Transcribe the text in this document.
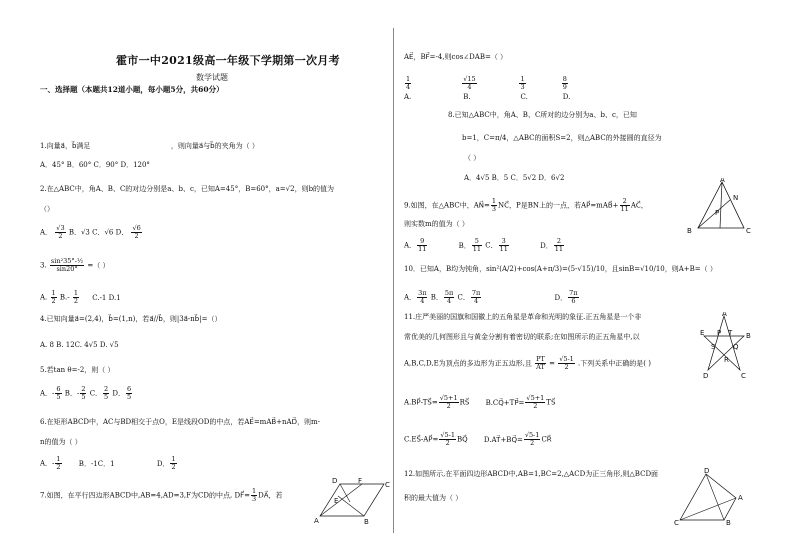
霍市一中2021级高一年级下学期第一次月考
数学试题
一、选择题（本题共12道小题，每小题5分，共60分）
1.向量a⃗，b⃗满足	，则向量a⃗与b⃗的夹角为（ ）
A．45° B．60° C．90° D．120°
2.在△ABC中，角A、B、C的对边分别是a、b、c，已知A=45°，B=60°，a=√2，则b的值为
（）
A． $\frac{√3}{2}$ B．√3 C．√6 D． $\frac{√6}{2}$
3. $\frac{\text{sin²35°-½}}{\sin 20^\circ}$ =（ ）
A. $\frac{1}{2} B.- \frac{1}{2} C.-1$ D.1
4.已知向量a⃗=(2,4)，b⃗=(1,n)，若a⃗//b⃗，则|3a⃗-nb⃗|=（）
A. 8 B. 12C. 4√5 D. √5
5.若tan θ=-2，则（ ）
A．- $\frac{6}{5}$ B．- $\frac{2}{5}$ C． $\frac{2}{5}$ D． $\frac{6}{5}$
6.在矩形ABCD中，AC与BD相交于点O，E是线段OD的中点，若AE⃗=mAB⃗+nAD⃗，则m-
n的值为（ ）
A．- $\frac{1}{2}$ B．-1C．1	D． $\frac{1}{2}$
7.如图，在平行四边形ABCD中,AB=4,AD=3,F为CD的中点, DF⃗= $\frac{1}{3}$ DA⃗，若
D	F	C
E
A	B
AE⃗，BF⃗=-4,则cos∠DAB=（ ）
$\frac{1}{4}$
	$\frac{√15}{4}$
	$\frac{1}{3}$
	$\frac{8}{9}$
A.	B.	C.	D.
8.已知△ABC中，角A、B、C所对的边分别为a、b、c，已知
b=1，C=π/4，△ABC的面积S=2，则△ABC的外接圆的直径为
（ ）
A．4√5 B．5 C．5√2 D．6√2
9.如图，在△ABC中，AN⃗= $\frac{1}{3}$ NC⃗，P是BN上的一点，若AP⃗=mAB⃗+ $\frac{2}{11}$ AC⃗，
则实数m的值为（ ）
A． $\frac{9}{11}$	B． $\frac{5}{11}$ C． $\frac{3}{11}$	D． $\frac{2}{11}$
A
N
P
B	C
10．已知A，B均为钝角，sin²(A/2)+cos(A+π/3)=(5-√15)/10，且sinB=√10/10，则A+B=（ ）
A． $\frac{3\pi}{4}$ B． $\frac{5\pi}{4}$ C． $\frac{7\pi}{4}$	D． $\frac{7\pi}{6}$
11.庄严美丽的国旗和国徽上的五角星是革命和光明的象征.正五角星是一个非
常优美的几何图形且与黄金分割有着密切的联系;在如图所示的正五角星中,以
A,B,C,D,E为顶点的多边形为正五边形,且 $\frac{PT}{AT} = \frac{√5-1}{2}$ .下列关系中正确的是( )
A.BP⃗-TS⃗= $\frac{√5+1}{2}$ RS⃗ B.CQ⃗+TP⃗= $\frac{√5+1}{2}$ TS⃗
C.ES⃗-AP⃗= $\frac{√5-1}{2}$ BQ⃗ D.AT⃗+BQ⃗= $\frac{√5-1}{2}$ CR⃗
A
B
C
D
E P
Q
R
S
T
12.如图所示,在平面四边形ABCD中,AB=1,BC=2,△ACD为正三角形,则△BCD面
积的最大值为（ ）
D
A
B
C
